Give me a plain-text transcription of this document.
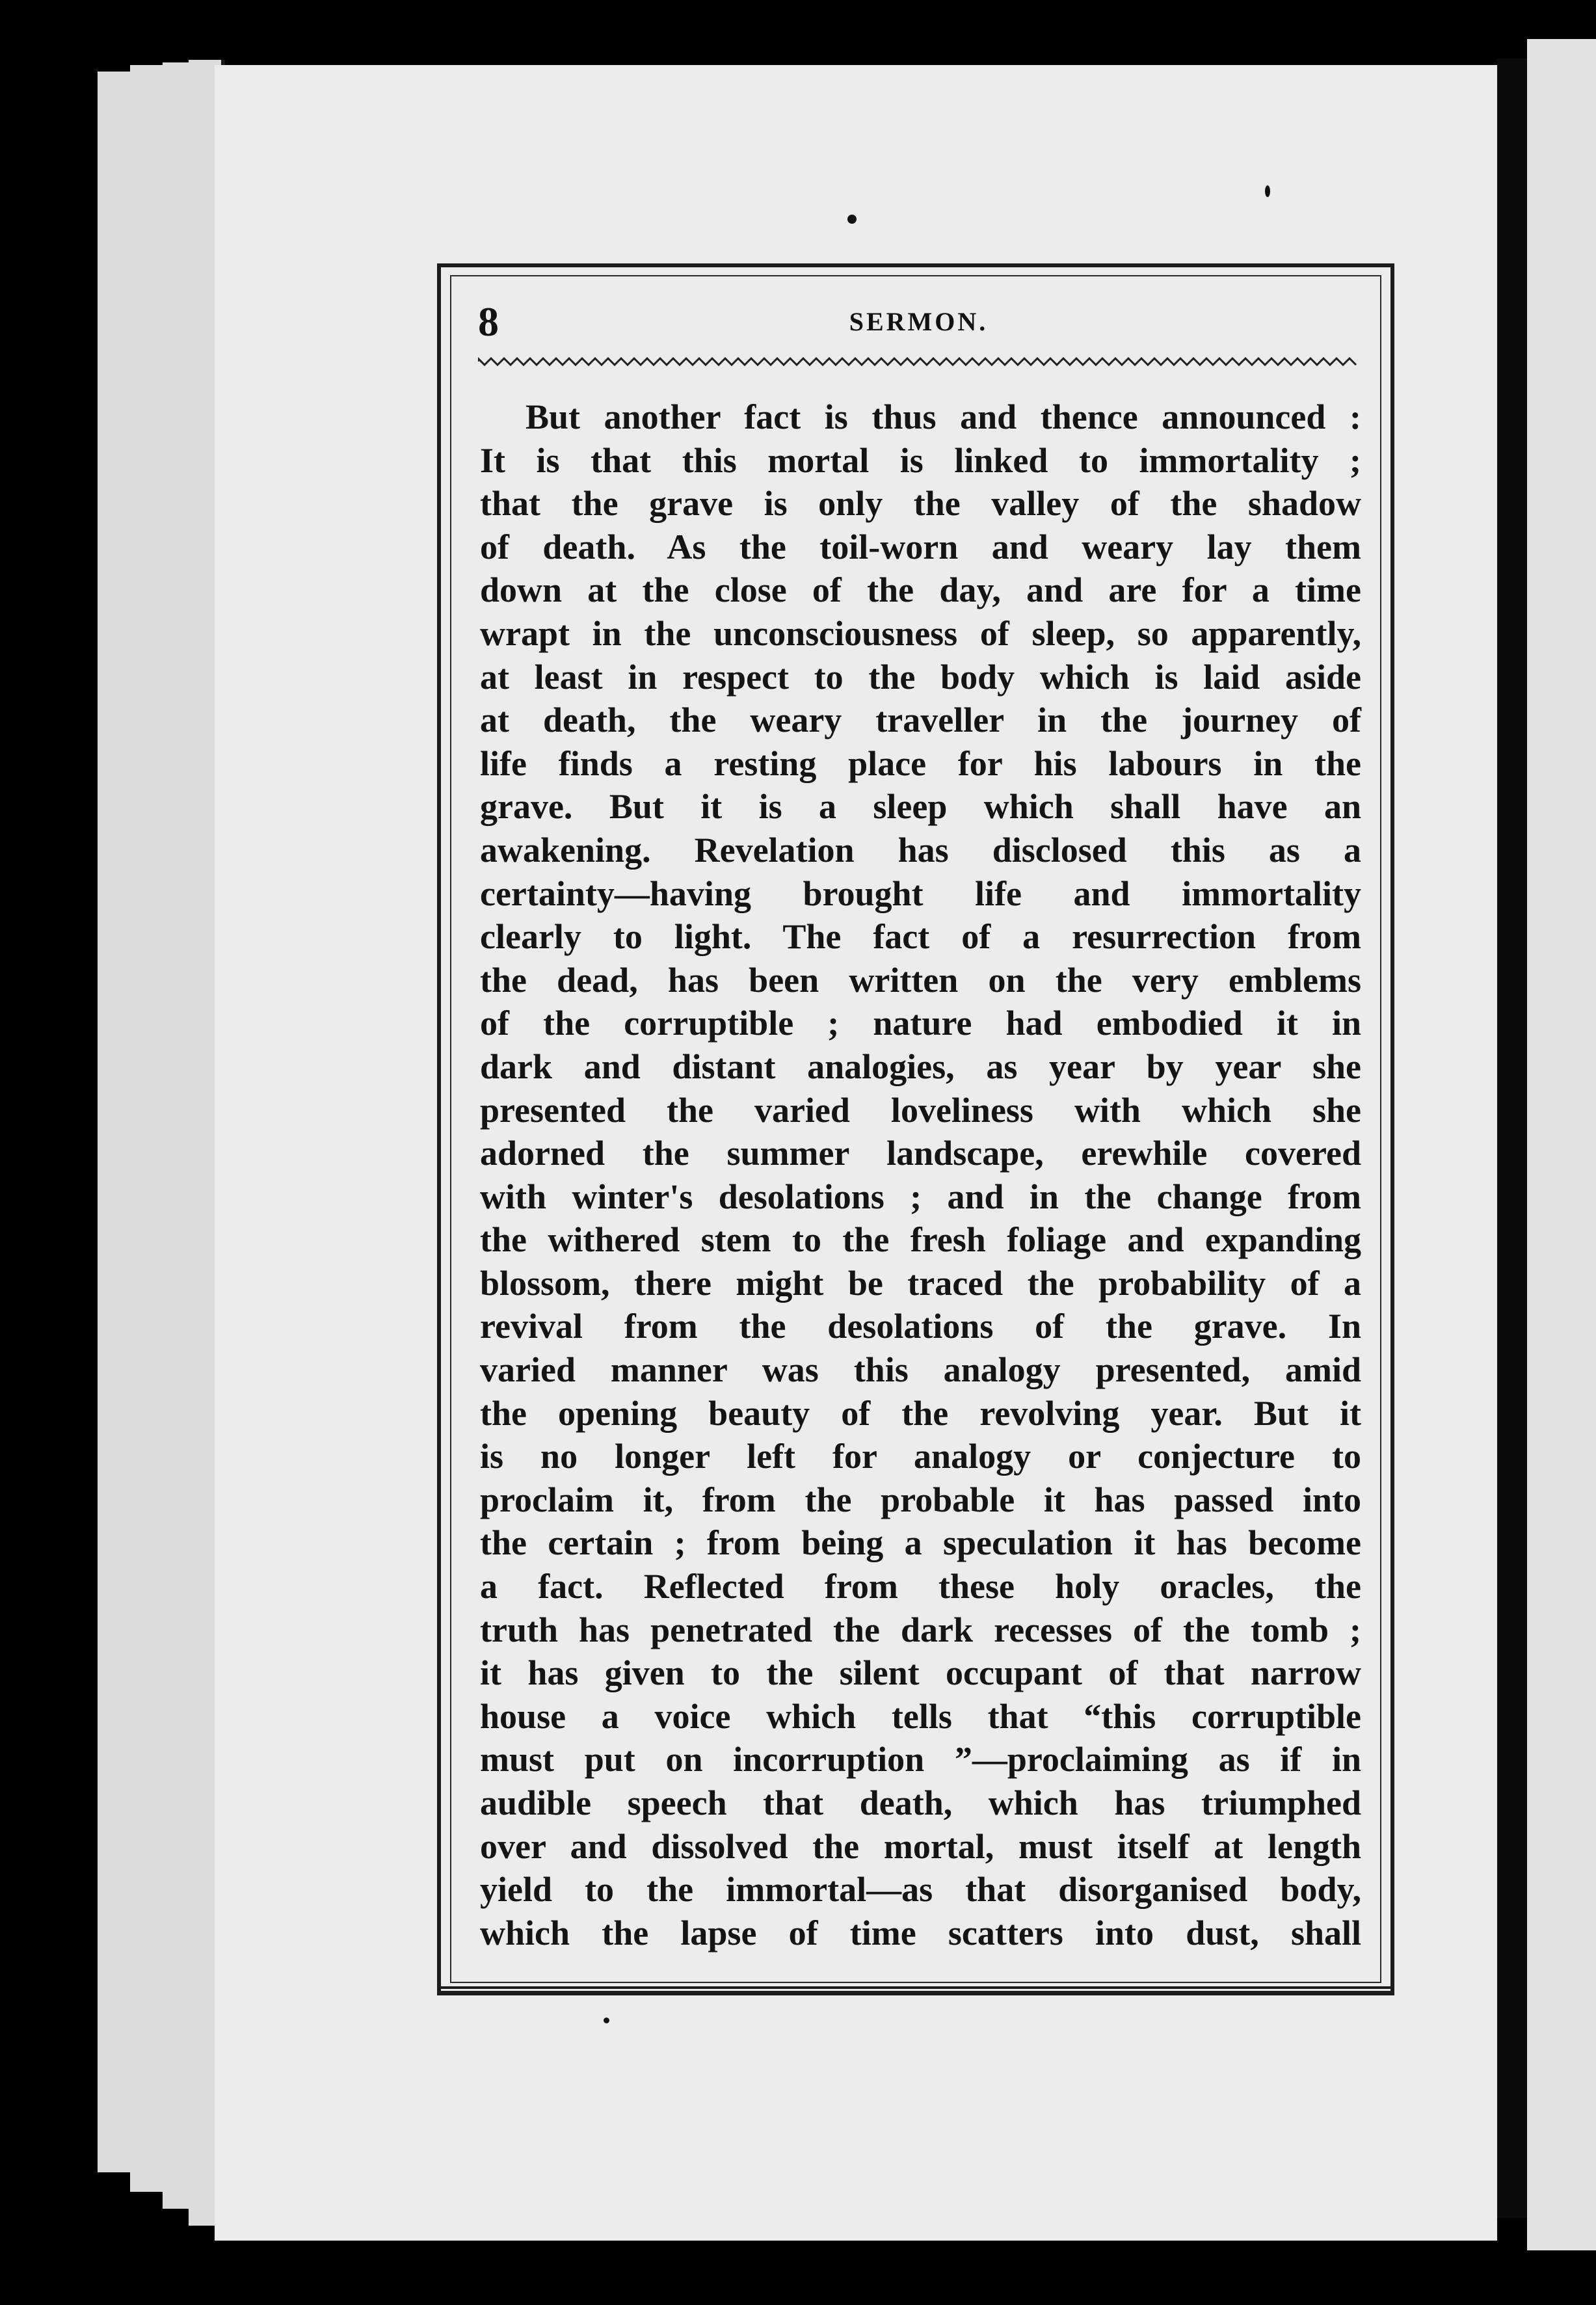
8	SERMON.
But another fact is thus and thence announced :
It is that this mortal is linked to immortality ;
that the grave is only the valley of the shadow
of death. As the toil-worn and weary lay them
down at the close of the day, and are for a time
wrapt in the unconsciousness of sleep, so apparently,
at least in respect to the body which is laid aside
at death, the weary traveller in the journey of
life finds a resting place for his labours in the
grave. But it is a sleep which shall have an
awakening. Revelation has disclosed this as a
certainty—having brought life and immortality
clearly to light. The fact of a resurrection from
the dead, has been written on the very emblems
of the corruptible ; nature had embodied it in
dark and distant analogies, as year by year she
presented the varied loveliness with which she
adorned the summer landscape, erewhile covered
with winter's desolations ; and in the change from
the withered stem to the fresh foliage and expanding
blossom, there might be traced the probability of a
revival from the desolations of the grave. In
varied manner was this analogy presented, amid
the opening beauty of the revolving year. But it
is no longer left for analogy or conjecture to
proclaim it, from the probable it has passed into
the certain ; from being a speculation it has become
a fact. Reflected from these holy oracles, the
truth has penetrated the dark recesses of the tomb ;
it has given to the silent occupant of that narrow
house a voice which tells that “this corruptible
must put on incorruption ”—proclaiming as if in
audible speech that death, which has triumphed
over and dissolved the mortal, must itself at length
yield to the immortal—as that disorganised body,
which the lapse of time scatters into dust, shall
